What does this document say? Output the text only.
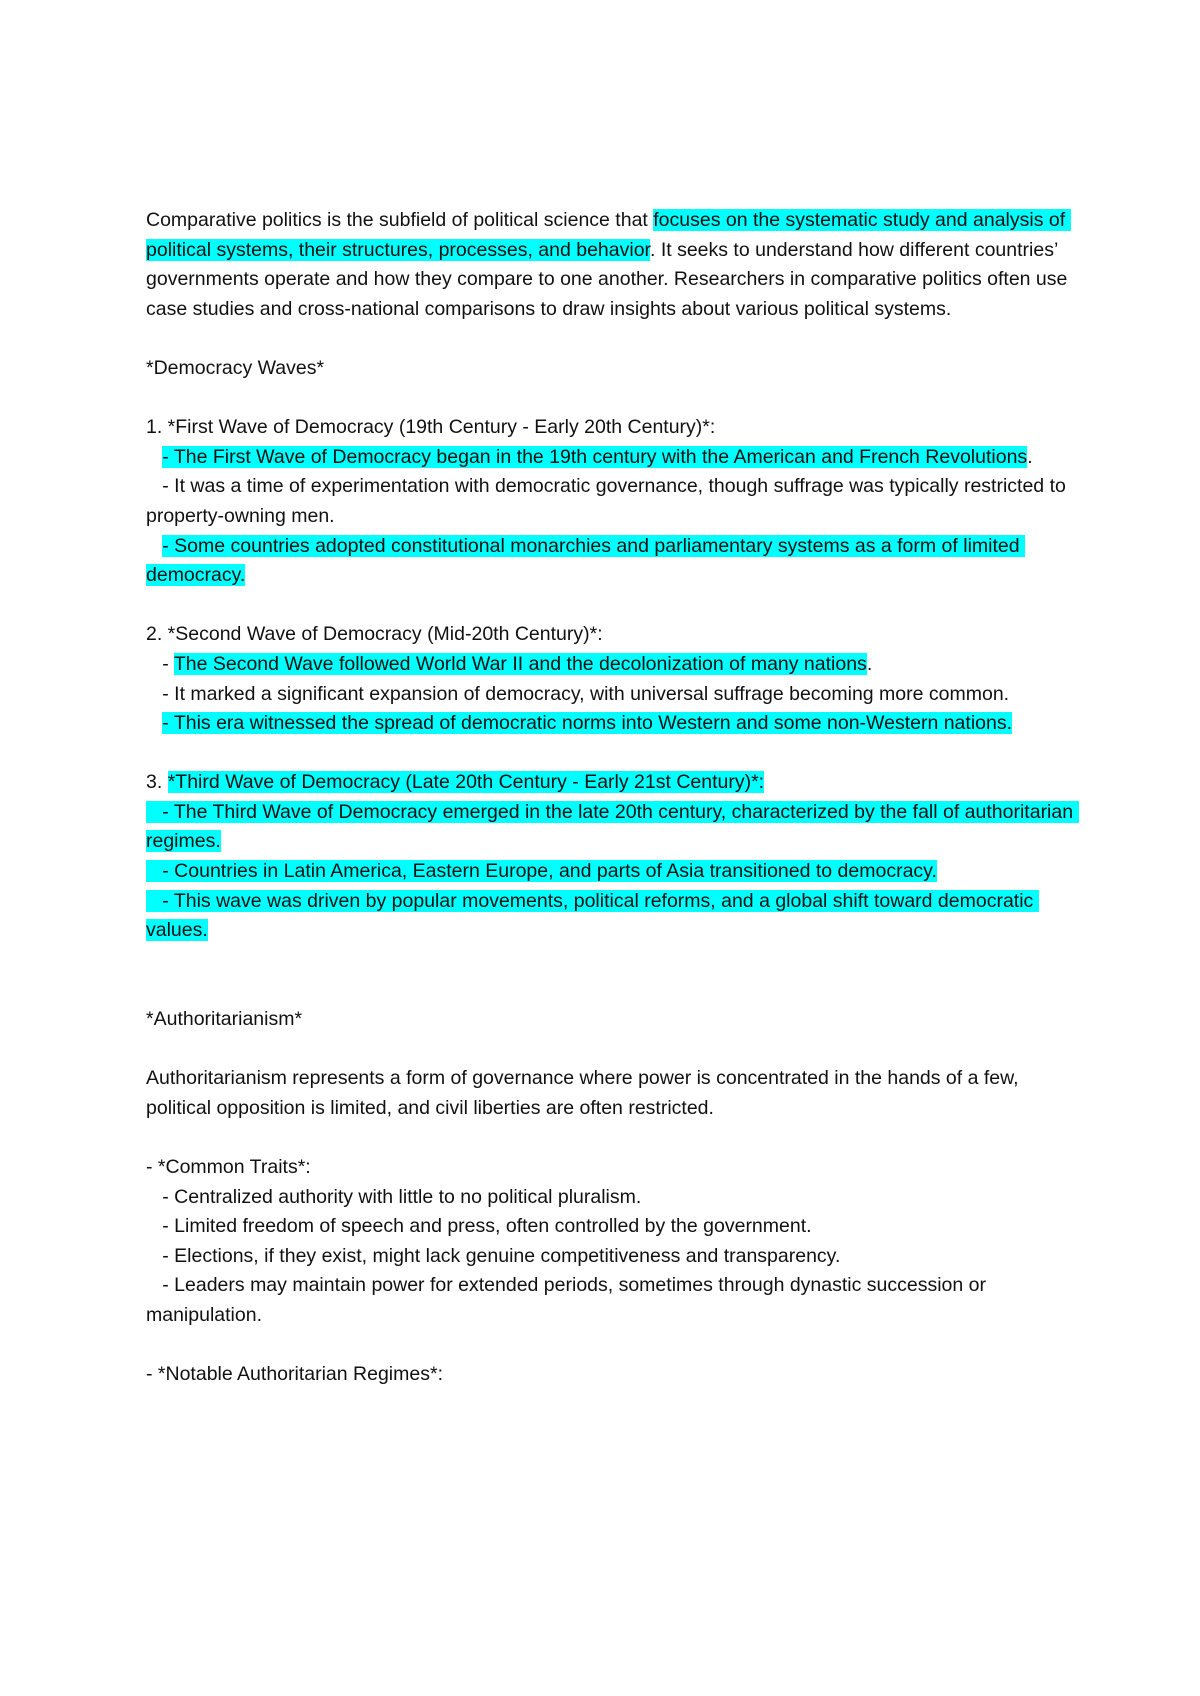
Comparative politics is the subfield of political science that focuses on the systematic study and analysis of political systems, their structures, processes, and behavior. It seeks to understand how different countries’ governments operate and how they compare to one another. Researchers in comparative politics often use case studies and cross-national comparisons to draw insights about various political systems.

*Democracy Waves*

1. *First Wave of Democracy (19th Century - Early 20th Century)*:

- The First Wave of Democracy began in the 19th century with the American and French Revolutions.

- It was a time of experimentation with democratic governance, though suffrage was typically restricted to property-owning men.

- Some countries adopted constitutional monarchies and parliamentary systems as a form of limited democracy.

2. *Second Wave of Democracy (Mid-20th Century)*:

- The Second Wave followed World War II and the decolonization of many nations.

- It marked a significant expansion of democracy, with universal suffrage becoming more common.

- This era witnessed the spread of democratic norms into Western and some non-Western nations.

3. *Third Wave of Democracy (Late 20th Century - Early 21st Century)*:

- The Third Wave of Democracy emerged in the late 20th century, characterized by the fall of authoritarian regimes.

- Countries in Latin America, Eastern Europe, and parts of Asia transitioned to democracy.

- This wave was driven by popular movements, political reforms, and a global shift toward democratic values.

*Authoritarianism*

Authoritarianism represents a form of governance where power is concentrated in the hands of a few, political opposition is limited, and civil liberties are often restricted.

- *Common Traits*:

- Centralized authority with little to no political pluralism.

- Limited freedom of speech and press, often controlled by the government.

- Elections, if they exist, might lack genuine competitiveness and transparency.

- Leaders may maintain power for extended periods, sometimes through dynastic succession or manipulation.

- *Notable Authoritarian Regimes*:
